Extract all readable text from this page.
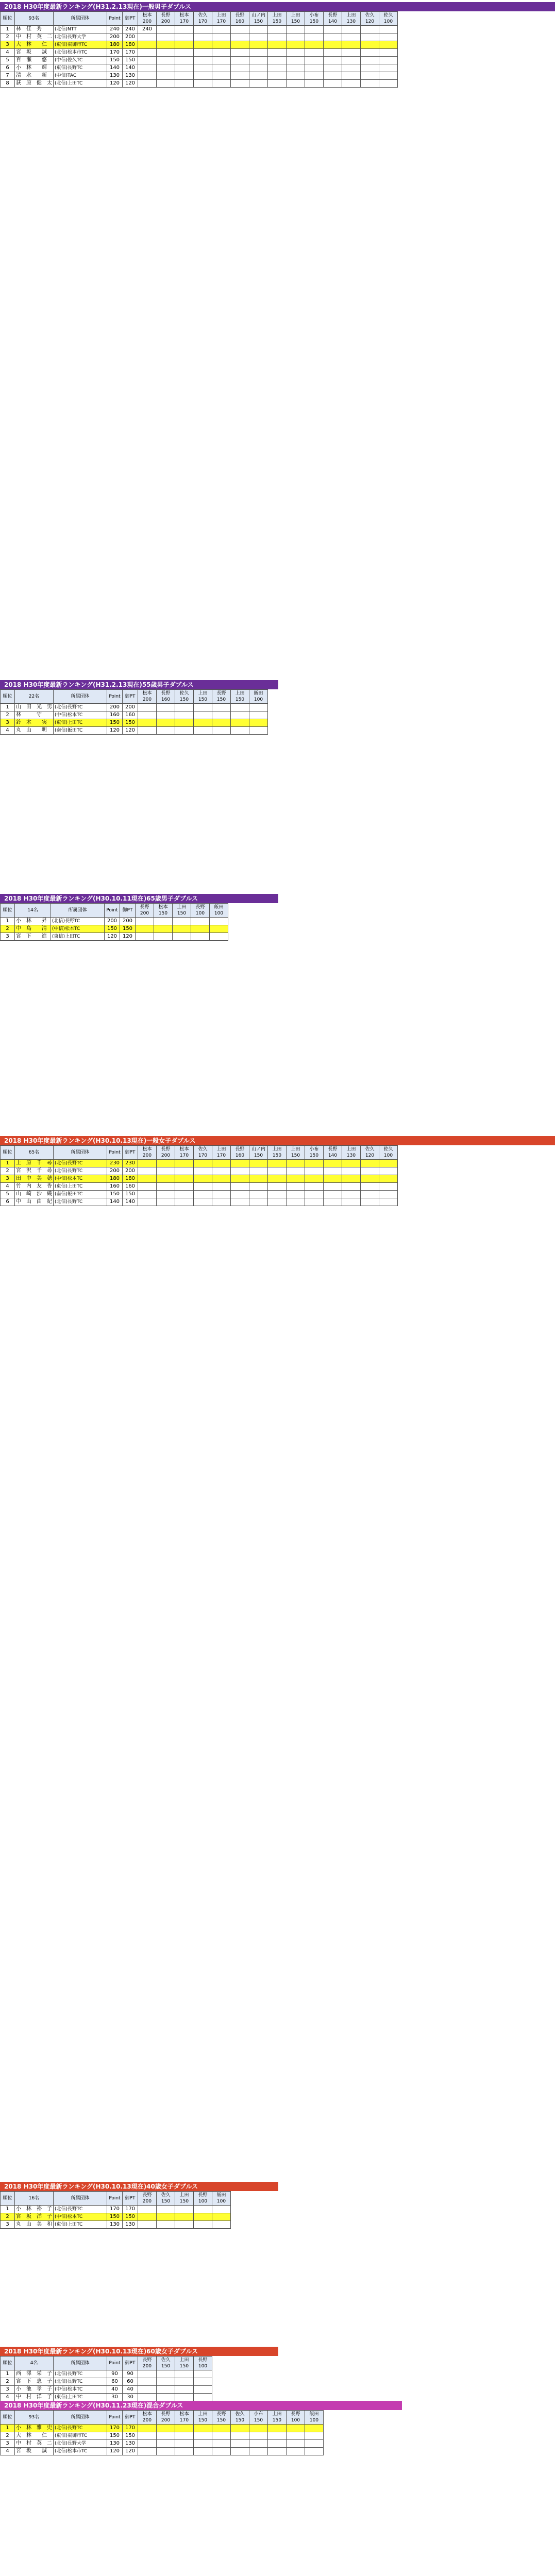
2018 H30年度最新ランキング(H31.2.13現在)一般男子ダブルス
順位	93名	所属団体	Point	御PT	松本 200	長野 200	松本 170	佐久 170	上田 170	長野 160	山ノ内 150	上田 150	上田 150	小布 150	長野 140	上田 130	佐久 120	佐久 100
1	林　佳　秀	(北信)NTT	240	240	240													
2	中　村　英　二	(北信)長野大学	200	200														
3	大　林　　仁	(東信)東御市TC	180	180														
4	宮　坂　　誠	(北信)松本市TC	170	170														
5	百　瀬　　悠	(中信)佐久TC	150	150														
6	小　林　　輝	(東信)長野TC	140	140														
7	清　水　　新	(中信)TAC	130	130														
8	荻　原　健　太	(北信)上田TC	120	120														
2018 H30年度最新ランキング(H31.2.13現在)55歳男子ダブルス
順位	22名	所属団体	Point	御PT	松本 200	長野 160	佐久 150	上田 150	長野 150	上田 150	飯田 100
1	山　田　光　男	(北信)長野TC	200	200							
2	林　　　守	(中信)松本TC	160	160							
3	鈴　木　　実	(東信)上田TC	150	150							
4	丸　山　　明	(南信)飯田TC	120	120							
2018 H30年度最新ランキング(H30.10.11現在)65歳男子ダブルス
順位	14名	所属団体	Point	御PT	長野 200	松本 150	上田 150	長野 100	飯田 100
1	小　林　　昇	(北信)長野TC	200	200					
2	中　島　　清	(中信)松本TC	150	150					
3	宮　下　　進	(東信)上田TC	120	120					
2018 H30年度最新ランキング(H30.10.13現在)一般女子ダブルス
順位	65名	所属団体	Point	御PT	松本 200	長野 200	松本 170	佐久 170	上田 170	長野 160	山ノ内 150	上田 150	上田 150	小布 150	長野 140	上田 130	佐久 120	佐久 100
1	上　原　千　尋	(北信)長野TC	230	230														
2	宮　沢　千　尋	(北信)長野TC	200	200														
3	田　中　美　穂	(中信)松本TC	180	180														
4	竹　内　友　香	(東信)上田TC	160	160														
5	山　崎　沙　織	(南信)飯田TC	150	150														
6	中　山　由　紀	(北信)長野TC	140	140														
2018 H30年度最新ランキング(H30.10.13現在)40歳女子ダブルス
順位	16名	所属団体	Point	御PT	長野 200	佐久 150	上田 150	長野 100	飯田 100
1	小　林　裕　子	(北信)長野TC	170	170					
2	宮　坂　洋　子	(中信)松本TC	150	150					
3	丸　山　美　和	(東信)上田TC	130	130					
2018 H30年度最新ランキング(H30.10.13現在)60歳女子ダブルス
順位	4名	所属団体	Point	御PT	長野 200	佐久 150	上田 150	長野 100
1	西　澤　栄　子	(北信)長野TC	90	90				
2	宮　下　恵　子	(北信)長野TC	60	60				
3	小　池　孝　子	(中信)松本TC	40	40				
4	中　村　洋　子	(東信)上田TC	30	30				
2018 H30年度最新ランキング(H30.11.23現在)混合ダブルス
順位	93名	所属団体	Point	御PT	松本 200	長野 200	松本 170	上田 150	長野 150	佐久 150	小布 150	上田 150	長野 100	飯田 100
1	小　林　雅　史	(北信)長野TC	170	170										
2	大　林　　仁	(東信)東御市TC	150	150										
3	中　村　英　二	(北信)長野大学	130	130										
4	宮　坂　　誠	(北信)松本市TC	120	120										
